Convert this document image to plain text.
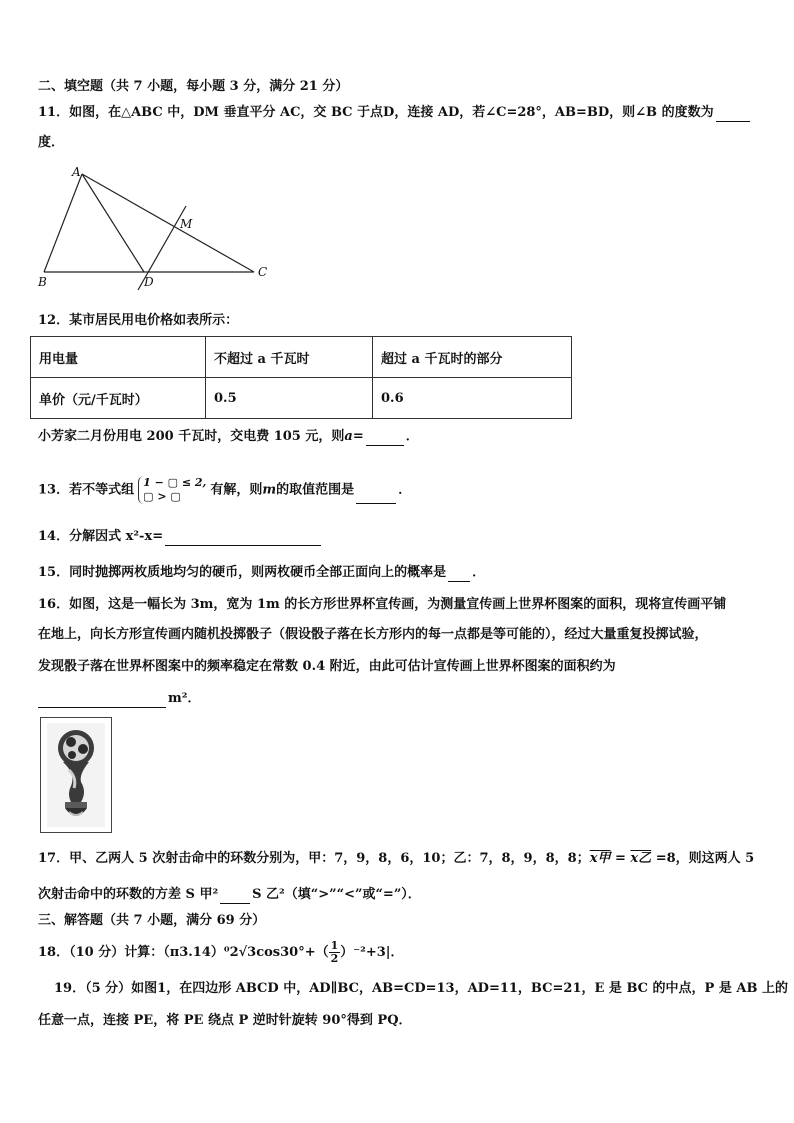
二、填空题（共 7 小题，每小题 3 分，满分 21 分）
11．如图，在△ABC 中，DM 垂直平分 AC，交 BC 于点D，连接 AD，若∠C=28°，AB=BD，则∠B 的度数为
度．
A
B
C
D
M
12．某市居民用电价格如表所示：
用电量	不超过 a 千瓦时	超过 a 千瓦时的部分
单价（元/千瓦时）	0.5	0.6
小芳家二月份用电 200 千瓦时，交电费 105 元，则a=	．
13．若不等式组 1 − ▢ ≤ 2,
▢ > ▢	有解，则m的取值范围是	．
14．分解因式 x²-x=
15．同时抛掷两枚质地均匀的硬币，则两枚硬币全部正面向上的概率是 ．
16．如图，这是一幅长为 3m，宽为 1m 的长方形世界杯宣传画，为测量宣传画上世界杯图案的面积，现将宣传画平铺
在地上，向长方形宣传画内随机投掷骰子（假设骰子落在长方形内的每一点都是等可能的），经过大量重复投掷试验，
发现骰子落在世界杯图案中的频率稳定在常数 0.4 附近，由此可估计宣传画上世界杯图案的面积约为
m²．
17．甲、乙两人 5 次射击命中的环数分别为，甲：7，9，8，6，10；乙：7，8，9，8，8；x甲 = x乙 =8，则这两人 5
次射击命中的环数的方差 S 甲²	S 乙²（填“>”“<”或“=”）．
三、解答题（共 7 小题，满分 69 分）
18．（10 分）计算：$(\pi 3.14)^02√3\cos 30^\circ+( \frac{1}{2} )^{-2}+3|$．
19．（5 分）如图1，在四边形 ABCD 中，AD∥BC，AB=CD=13，AD=11，BC=21，E 是 BC 的中点，P 是 AB 上的
任意一点，连接 PE，将 PE 绕点 P 逆时针旋转 90°得到 PQ．
